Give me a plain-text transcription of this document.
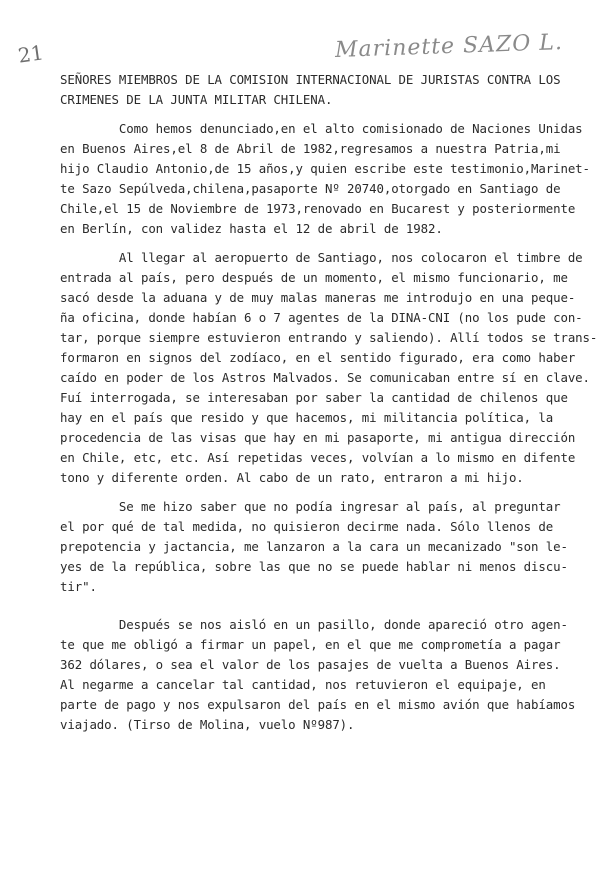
21	Marinette SAZO L.
SEÑORES MIEMBROS DE LA COMISION INTERNACIONAL DE JURISTAS CONTRA LOS
CRIMENES DE LA JUNTA MILITAR CHILENA.
Como hemos denunciado,en el alto comisionado de Naciones Unidas
en Buenos Aires,el 8 de Abril de 1982,regresamos a nuestra Patria,mi
hijo Claudio Antonio,de 15 años,y quien escribe este testimonio,Marinet-
te Sazo Sepúlveda,chilena,pasaporte Nº 20740,otorgado en Santiago de
Chile,el 15 de Noviembre de 1973,renovado en Bucarest y posteriormente
en Berlín, con validez hasta el 12 de abril de 1982.
Al llegar al aeropuerto de Santiago, nos colocaron el timbre de
entrada al país, pero después de un momento, el mismo funcionario, me
sacó desde la aduana y de muy malas maneras me introdujo en una peque-
ña oficina, donde habían 6 o 7 agentes de la DINA-CNI (no los pude con-
tar, porque siempre estuvieron entrando y saliendo). Allí todos se trans-
formaron en signos del zodíaco, en el sentido figurado, era como haber
caído en poder de los Astros Malvados. Se comunicaban entre sí en clave.
Fuí interrogada, se interesaban por saber la cantidad de chilenos que
hay en el país que resido y que hacemos, mi militancia política, la
procedencia de las visas que hay en mi pasaporte, mi antigua dirección
en Chile, etc, etc. Así repetidas veces, volvían a lo mismo en difente
tono y diferente orden. Al cabo de un rato, entraron a mi hijo.
Se me hizo saber que no podía ingresar al país, al preguntar
el por qué de tal medida, no quisieron decirme nada. Sólo llenos de
prepotencia y jactancia, me lanzaron a la cara un mecanizado "son le-
yes de la república, sobre las que no se puede hablar ni menos discu-
tir".
Después se nos aisló en un pasillo, donde apareció otro agen-
te que me obligó a firmar un papel, en el que me comprometía a pagar
362 dólares, o sea el valor de los pasajes de vuelta a Buenos Aires.
Al negarme a cancelar tal cantidad, nos retuvieron el equipaje, en
parte de pago y nos expulsaron del país en el mismo avión que habíamos
viajado. (Tirso de Molina, vuelo Nº987).
